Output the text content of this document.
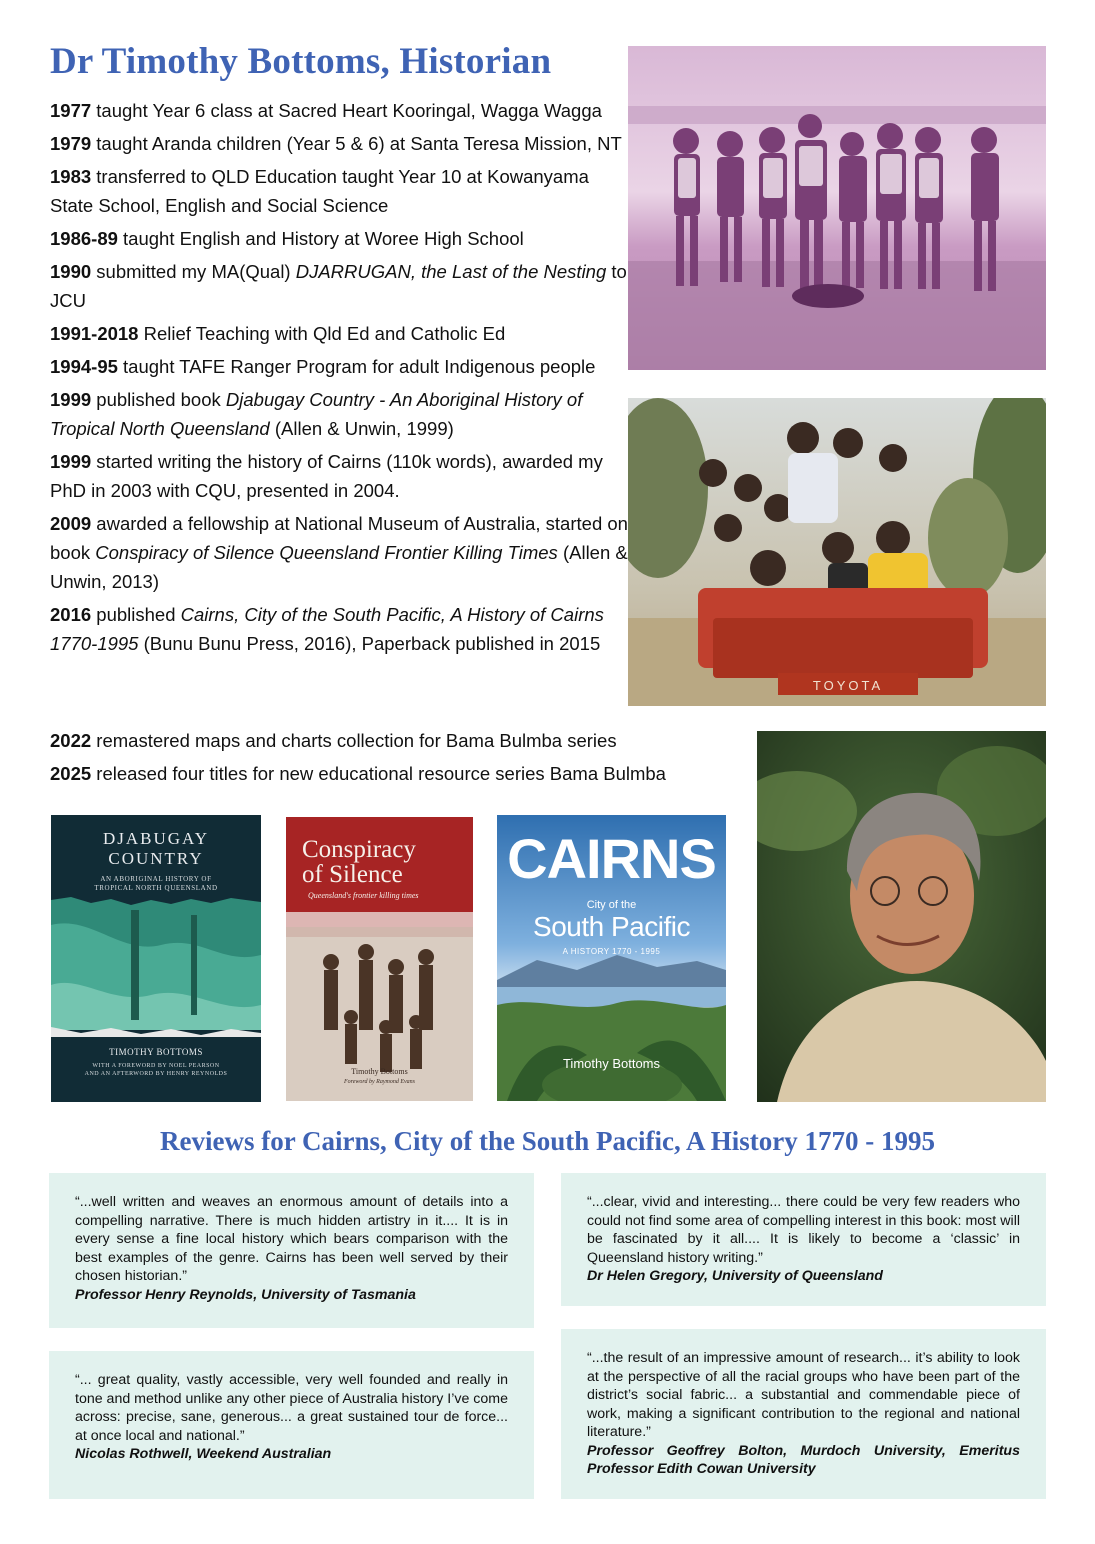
Dr Timothy Bottoms, Historian
1977 taught Year 6 class at Sacred Heart Kooringal, Wagga Wagga
1979 taught Aranda children (Year 5 & 6) at Santa Teresa Mission, NT
1983 transferred to QLD Education taught Year 10 at Kowanyama State School, English and Social Science
1986-89 taught English and History at Woree High School
1990 submitted my MA(Qual) DJARRUGAN, the Last of the Nesting to JCU
1991-2018 Relief Teaching with Qld Ed and Catholic Ed
1994-95 taught TAFE Ranger Program for adult Indigenous people
1999 published book Djabugay Country - An Aboriginal History of Tropical North Queensland (Allen & Unwin, 1999)
1999 started writing the history of Cairns (110k words), awarded my PhD in 2003 with CQU, presented in 2004.
2009 awarded a fellowship at National Museum of Australia, started on book Conspiracy of Silence Queensland Frontier Killing Times (Allen & Unwin, 2013)
2016 published Cairns, City of the South Pacific, A History of Cairns 1770-1995 (Bunu Bunu Press, 2016), Paperback published in 2015
2022 remastered maps and charts collection for Bama Bulmba series
2025 released four titles for new educational resource series Bama Bulmba
TOYOTA
DJABUGAY
COUNTRY
AN ABORIGINAL HISTORY OF
TROPICAL NORTH QUEENSLAND
TIMOTHY BOTTOMS
WITH A FOREWORD BY NOEL PEARSON
AND AN AFTERWORD BY HENRY REYNOLDS
Conspiracy
of Silence
Queensland's frontier killing times
Timothy Bottoms
Foreword by Raymond Evans
CAIRNS
City of the
South Pacific
A HISTORY 1770 - 1995
Timothy Bottoms
Reviews for Cairns, City of the South Pacific, A History 1770 - 1995
“...well written and weaves an enormous amount of details into a compelling narrative. There is much hidden artistry in it.... It is in every sense a fine local history which bears comparison with the best examples of the genre. Cairns has been well served by their chosen historian.”
Professor Henry Reynolds, University of Tasmania
“...clear, vivid and interesting... there could be very few readers who could not find some area of compelling interest in this book: most will be fascinated by it all.... It is likely to become a ‘classic’ in Queensland history writing.”
Dr Helen Gregory, University of Queensland
“... great quality, vastly accessible, very well founded and really in tone and method unlike any other piece of Australia history I’ve come across: precise, sane, generous... a great sustained tour de force... at once local and national.”
Nicolas Rothwell, Weekend Australian
“...the result of an impressive amount of research... it’s ability to look at the perspective of all the racial groups who have been part of the district’s social fabric... a substantial and commendable piece of work, making a significant contribution to the regional and national literature.”
Professor Geoffrey Bolton, Murdoch University, Emeritus Professor Edith Cowan University
